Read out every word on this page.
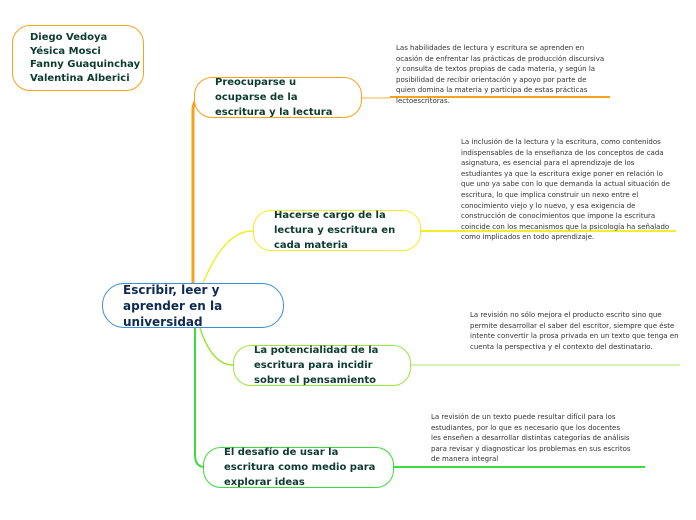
Diego Vedoya
Yésica Mosci
Fanny Guaquinchay
Valentina Alberici
Escribir, leer y aprender en la universidad
Preocuparse u ocuparse de la escritura y la lectura
Las habilidades de lectura y escritura se aprenden en ocasión de enfrentar las prácticas de producción discursiva y consulta de textos propias de cada materia, y según la posibilidad de recibir orientación y apoyo por parte de quien domina la materia y participa de estas prácticas lectoescritoras.
Hacerse cargo de la lectura y escritura en cada materia
La inclusión de la lectura y la escritura, como contenidos indispensables de la enseñanza de los conceptos de cada asignatura, es esencial para el aprendizaje de los estudiantes ya que la escritura exige poner en relación lo que uno ya sabe con lo que demanda la actual situación de escritura, lo que implica construir un nexo entre el conocimiento viejo y lo nuevo, y esa exigencia de construcción de conocimientos que impone la escritura coincide con los mecanismos que la psicología ha señalado como implicados en todo aprendizaje.
La potencialidad de la escritura para incidir sobre el pensamiento
La revisión no sólo mejora el producto escrito sino que permite desarrollar el saber del escritor, siempre que éste intente convertir la prosa privada en un texto que tenga en cuenta la perspectiva y el contexto del destinatario.
El desafío de usar la escritura como medio para explorar ideas
La revisión de un texto puede resultar difícil para los estudiantes, por lo que es necesario que los docentes les enseñen a desarrollar distintas categorías de análisis para revisar y diagnosticar los problemas en sus escritos de manera integral
